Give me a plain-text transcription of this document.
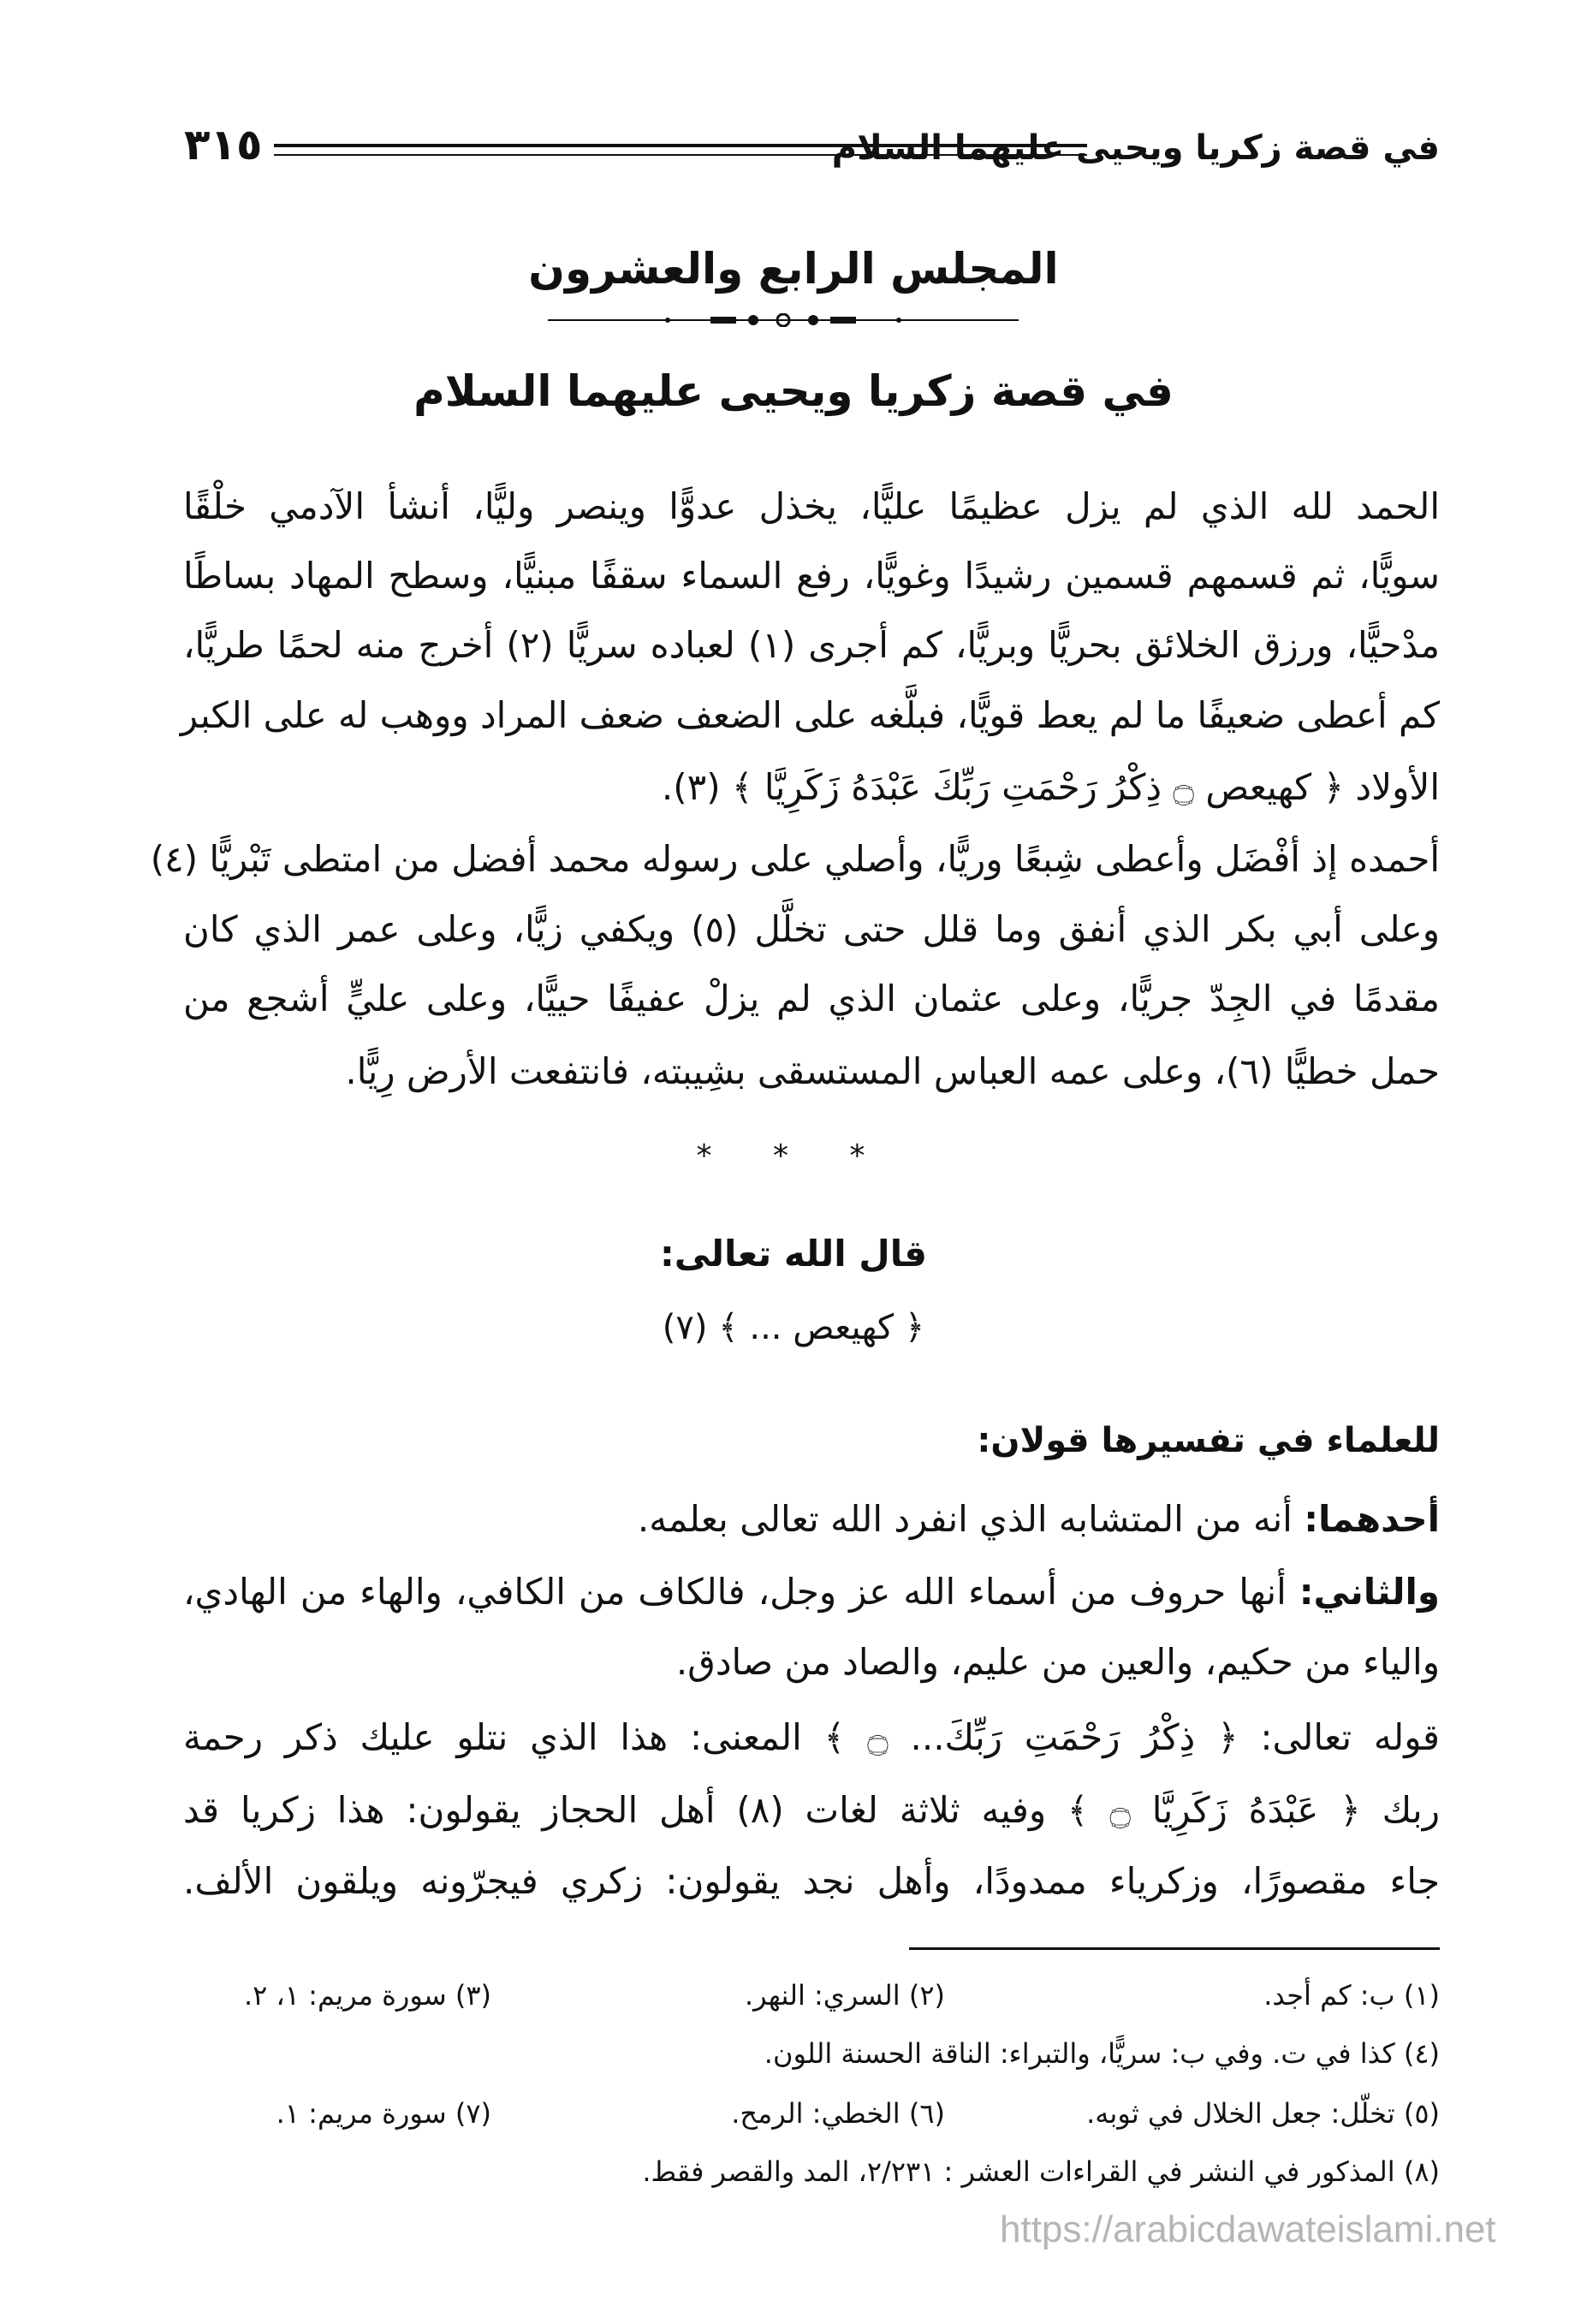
في قصة زكريا ويحيى عليهما السلام
٣١٥
المجلس الرابع والعشرون
في قصة زكريا ويحيى عليهما السلام
الحمد لله الذي لم يزل عظيمًا عليًّا، يخذل عدوًّا وينصر وليًّا، أنشأ الآدمي خلْقًا
سويًّا، ثم قسمهم قسمين رشيدًا وغويًّا، رفع السماء سقفًا مبنيًّا، وسطح المهاد بساطًا
مدْحيًّا، ورزق الخلائق بحريًّا وبريًّا، كم أجرى (١) لعباده سريًّا (٢) أخرج منه لحمًا طريًّا،
كم أعطى ضعيفًا ما لم يعط قويًّا، فبلَّغه على الضعف ضعف المراد ووهب له على الكبر
الأولاد ﴿ كهيعص ۝ ذِكْرُ رَحْمَتِ رَبِّكَ عَبْدَهُ زَكَرِيَّا ﴾ (٣).
أحمده إذ أفْضَل وأعطى شِبعًا وريًّا، وأصلي على رسوله محمد أفضل من امتطى تَبْريًّا (٤)
وعلى أبي بكر الذي أنفق وما قلل حتى تخلَّل (٥) ويكفي زيًّا، وعلى عمر الذي كان
مقدمًا في الجِدّ جريًّا، وعلى عثمان الذي لم يزلْ عفيفًا حييًّا، وعلى عليٍّ أشجع من
حمل خطيًّا (٦)، وعلى عمه العباس المستسقى بشِيبته، فانتفعت الأرض رِيًّا.
* * *
قال الله تعالى:
﴿ كهيعص ... ﴾ (٧)
للعلماء في تفسيرها قولان:
أحدهما: أنه من المتشابه الذي انفرد الله تعالى بعلمه.
والثاني: أنها حروف من أسماء الله عز وجل، فالكاف من الكافي، والهاء من الهادي،
والياء من حكيم، والعين من عليم، والصاد من صادق.
قوله تعالى: ﴿ ذِكْرُ رَحْمَتِ رَبِّكَ... ۝ ﴾ المعنى: هذا الذي نتلو عليك ذكر رحمة
ربك ﴿ عَبْدَهُ زَكَرِيَّا ۝ ﴾ وفيه ثلاثة لغات (٨) أهل الحجاز يقولون: هذا زكريا قد
جاء مقصورًا، وزكرياء ممدودًا، وأهل نجد يقولون: زكري فيجرّونه ويلقون الألف.
(١) ب: كم أجد.
(٢) السري: النهر.
(٣) سورة مريم: ١، ٢.
(٤) كذا في ت. وفي ب: سريًّا، والتبراء: الناقة الحسنة اللون.
(٥) تخلّل: جعل الخلال في ثوبه.
(٦) الخطي: الرمح.
(٧) سورة مريم: ١.
(٨) المذكور في النشر في القراءات العشر : ٢/٢٣١، المد والقصر فقط.
https://arabicdawateislami.net
